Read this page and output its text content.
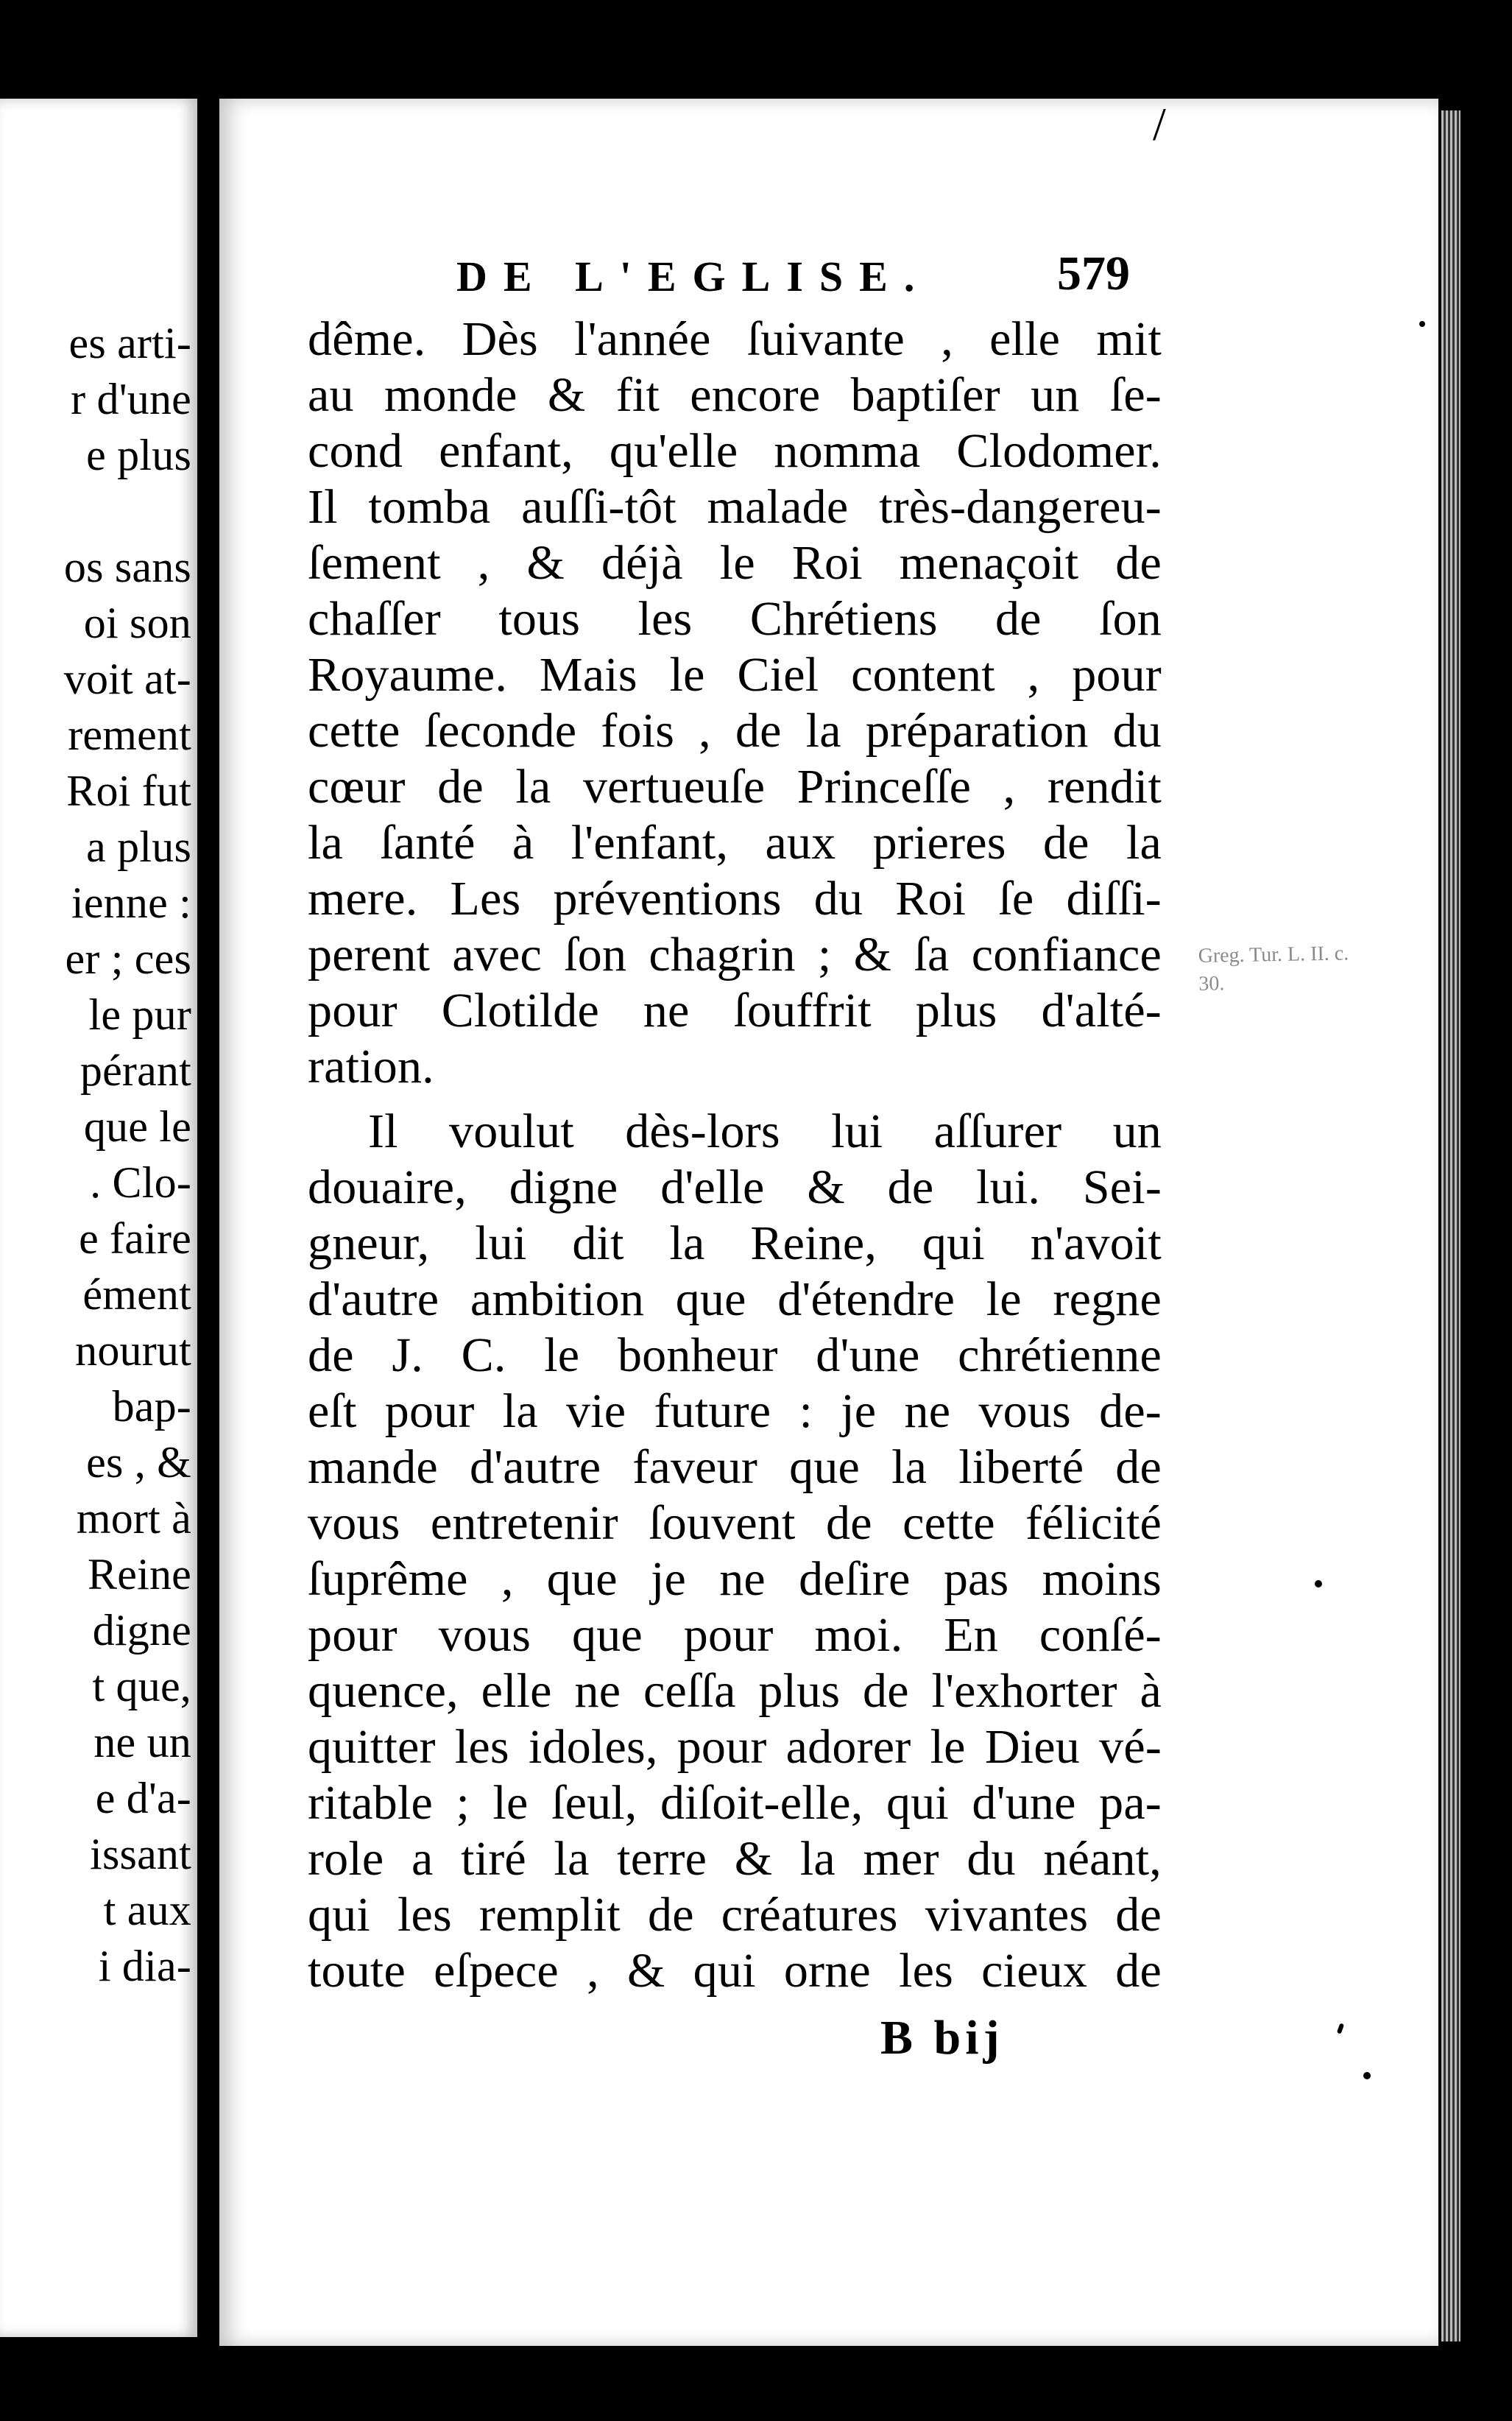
es arti-
r d'une
e plus
os sans
oi son
voit at-
rement
Roi fut
a plus
ienne :
er ; ces
le pur
pérant
que le
. Clo-
e faire
ément
nourut
bap-
es , &
mort à
Reine
digne
t que,
ne un
e d'a-
issant
t aux
i dia-
/
DE L'EGLISE.	579
Greg. Tur. L. II. c. 30.
dême. Dès l'année ſuivante , elle mit
au monde & fit encore baptiſer un ſe-
cond enfant, qu'elle nomma Clodomer.
Il tomba auſſi-tôt malade très-dangereu-
ſement , & déjà le Roi menaçoit de
chaſſer tous les Chrétiens de ſon
Royaume. Mais le Ciel content , pour
cette ſeconde fois , de la préparation du
cœur de la vertueuſe Princeſſe , rendit
la ſanté à l'enfant, aux prieres de la
mere. Les préventions du Roi ſe diſſi-
perent avec ſon chagrin ; & ſa confiance
pour Clotilde ne ſouffrit plus d'alté-
ration.
Il voulut dès-lors lui aſſurer un
douaire, digne d'elle & de lui. Sei-
gneur, lui dit la Reine, qui n'avoit
d'autre ambition que d'étendre le regne
de J. C. le bonheur d'une chrétienne
eſt pour la vie future : je ne vous de-
mande d'autre faveur que la liberté de
vous entretenir ſouvent de cette félicité
ſuprême , que je ne deſire pas moins
pour vous que pour moi. En conſé-
quence, elle ne ceſſa plus de l'exhorter à
quitter les idoles, pour adorer le Dieu vé-
ritable ; le ſeul, diſoit-elle, qui d'une pa-
role a tiré la terre & la mer du néant,
qui les remplit de créatures vivantes de
toute eſpece , & qui orne les cieux de
B bij
